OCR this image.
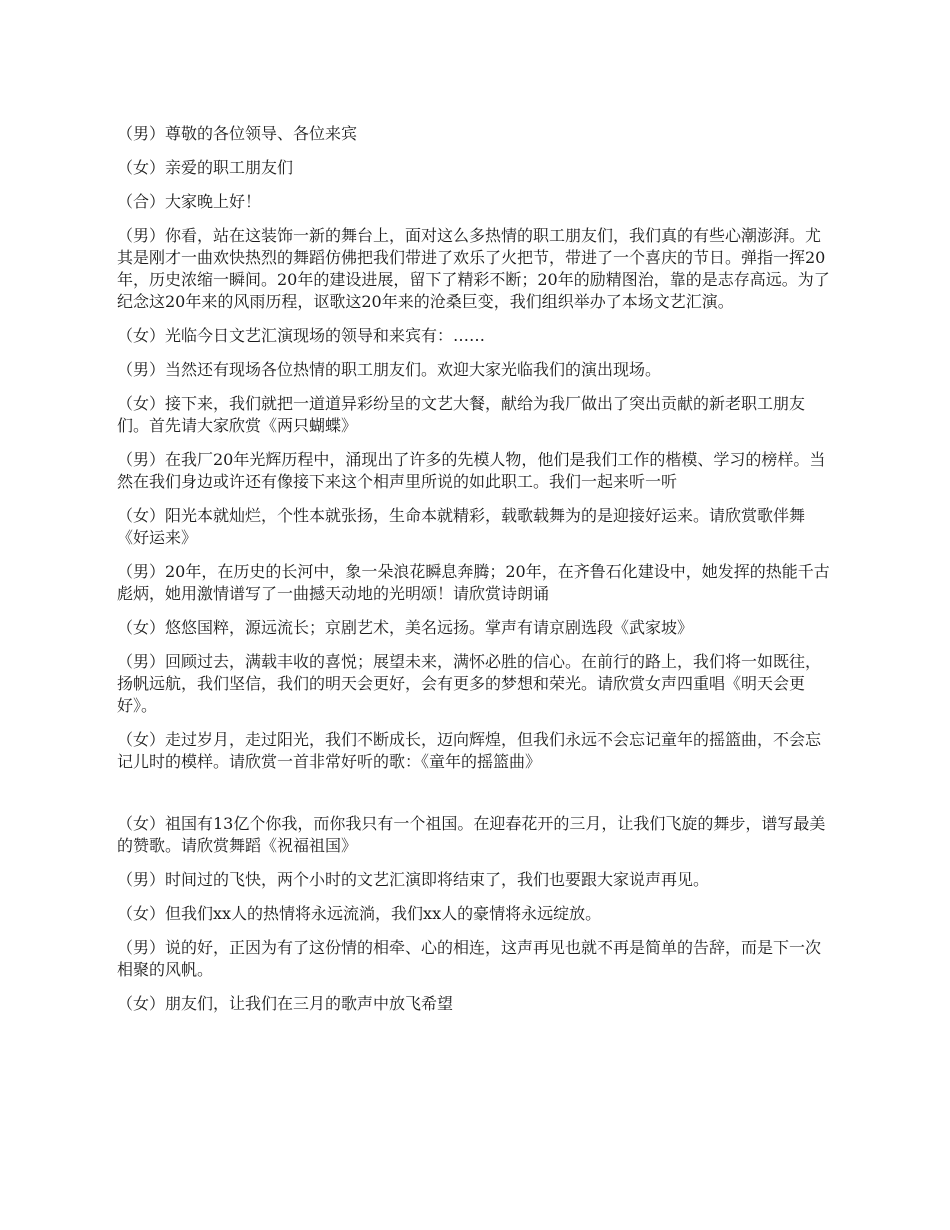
（男）尊敬的各位领导、各位来宾

（女）亲爱的职工朋友们

（合）大家晚上好！

（男）你看，站在这装饰一新的舞台上，面对这么多热情的职工朋友们，我们真的有些心潮澎湃。尤其是刚才一曲欢快热烈的舞蹈仿佛把我们带进了欢乐了火把节，带进了一个喜庆的节日。弹指一挥20年，历史浓缩一瞬间。20年的建设进展，留下了精彩不断；20年的励精图治，靠的是志存高远。为了纪念这20年来的风雨历程，讴歌这20年来的沧桑巨变，我们组织举办了本场文艺汇演。

（女）光临今日文艺汇演现场的领导和来宾有：……

（男）当然还有现场各位热情的职工朋友们。欢迎大家光临我们的演出现场。

（女）接下来，我们就把一道道异彩纷呈的文艺大餐，献给为我厂做出了突出贡献的新老职工朋友们。首先请大家欣赏《两只蝴蝶》

（男）在我厂20年光辉历程中，涌现出了许多的先模人物，他们是我们工作的楷模、学习的榜样。当然在我们身边或许还有像接下来这个相声里所说的如此职工。我们一起来听一听

（女）阳光本就灿烂，个性本就张扬，生命本就精彩，载歌载舞为的是迎接好运来。请欣赏歌伴舞《好运来》

（男）20年，在历史的长河中，象一朵浪花瞬息奔腾；20年，在齐鲁石化建设中，她发挥的热能千古彪炳，她用激情谱写了一曲撼天动地的光明颂！请欣赏诗朗诵

（女）悠悠国粹，源远流长；京剧艺术，美名远扬。掌声有请京剧选段《武家坡》

（男）回顾过去，满载丰收的喜悦；展望未来，满怀必胜的信心。在前行的路上，我们将一如既往，扬帆远航，我们坚信，我们的明天会更好，会有更多的梦想和荣光。请欣赏女声四重唱《明天会更好》。

（女）走过岁月，走过阳光，我们不断成长，迈向辉煌，但我们永远不会忘记童年的摇篮曲，不会忘记儿时的模样。请欣赏一首非常好听的歌：《童年的摇篮曲》

（女）祖国有13亿个你我，而你我只有一个祖国。在迎春花开的三月，让我们飞旋的舞步，谱写最美的赞歌。请欣赏舞蹈《祝福祖国》

（男）时间过的飞快，两个小时的文艺汇演即将结束了，我们也要跟大家说声再见。

（女）但我们xx人的热情将永远流淌，我们xx人的豪情将永远绽放。

（男）说的好，正因为有了这份情的相牵、心的相连，这声再见也就不再是简单的告辞，而是下一次相聚的风帆。

（女）朋友们，让我们在三月的歌声中放飞希望
